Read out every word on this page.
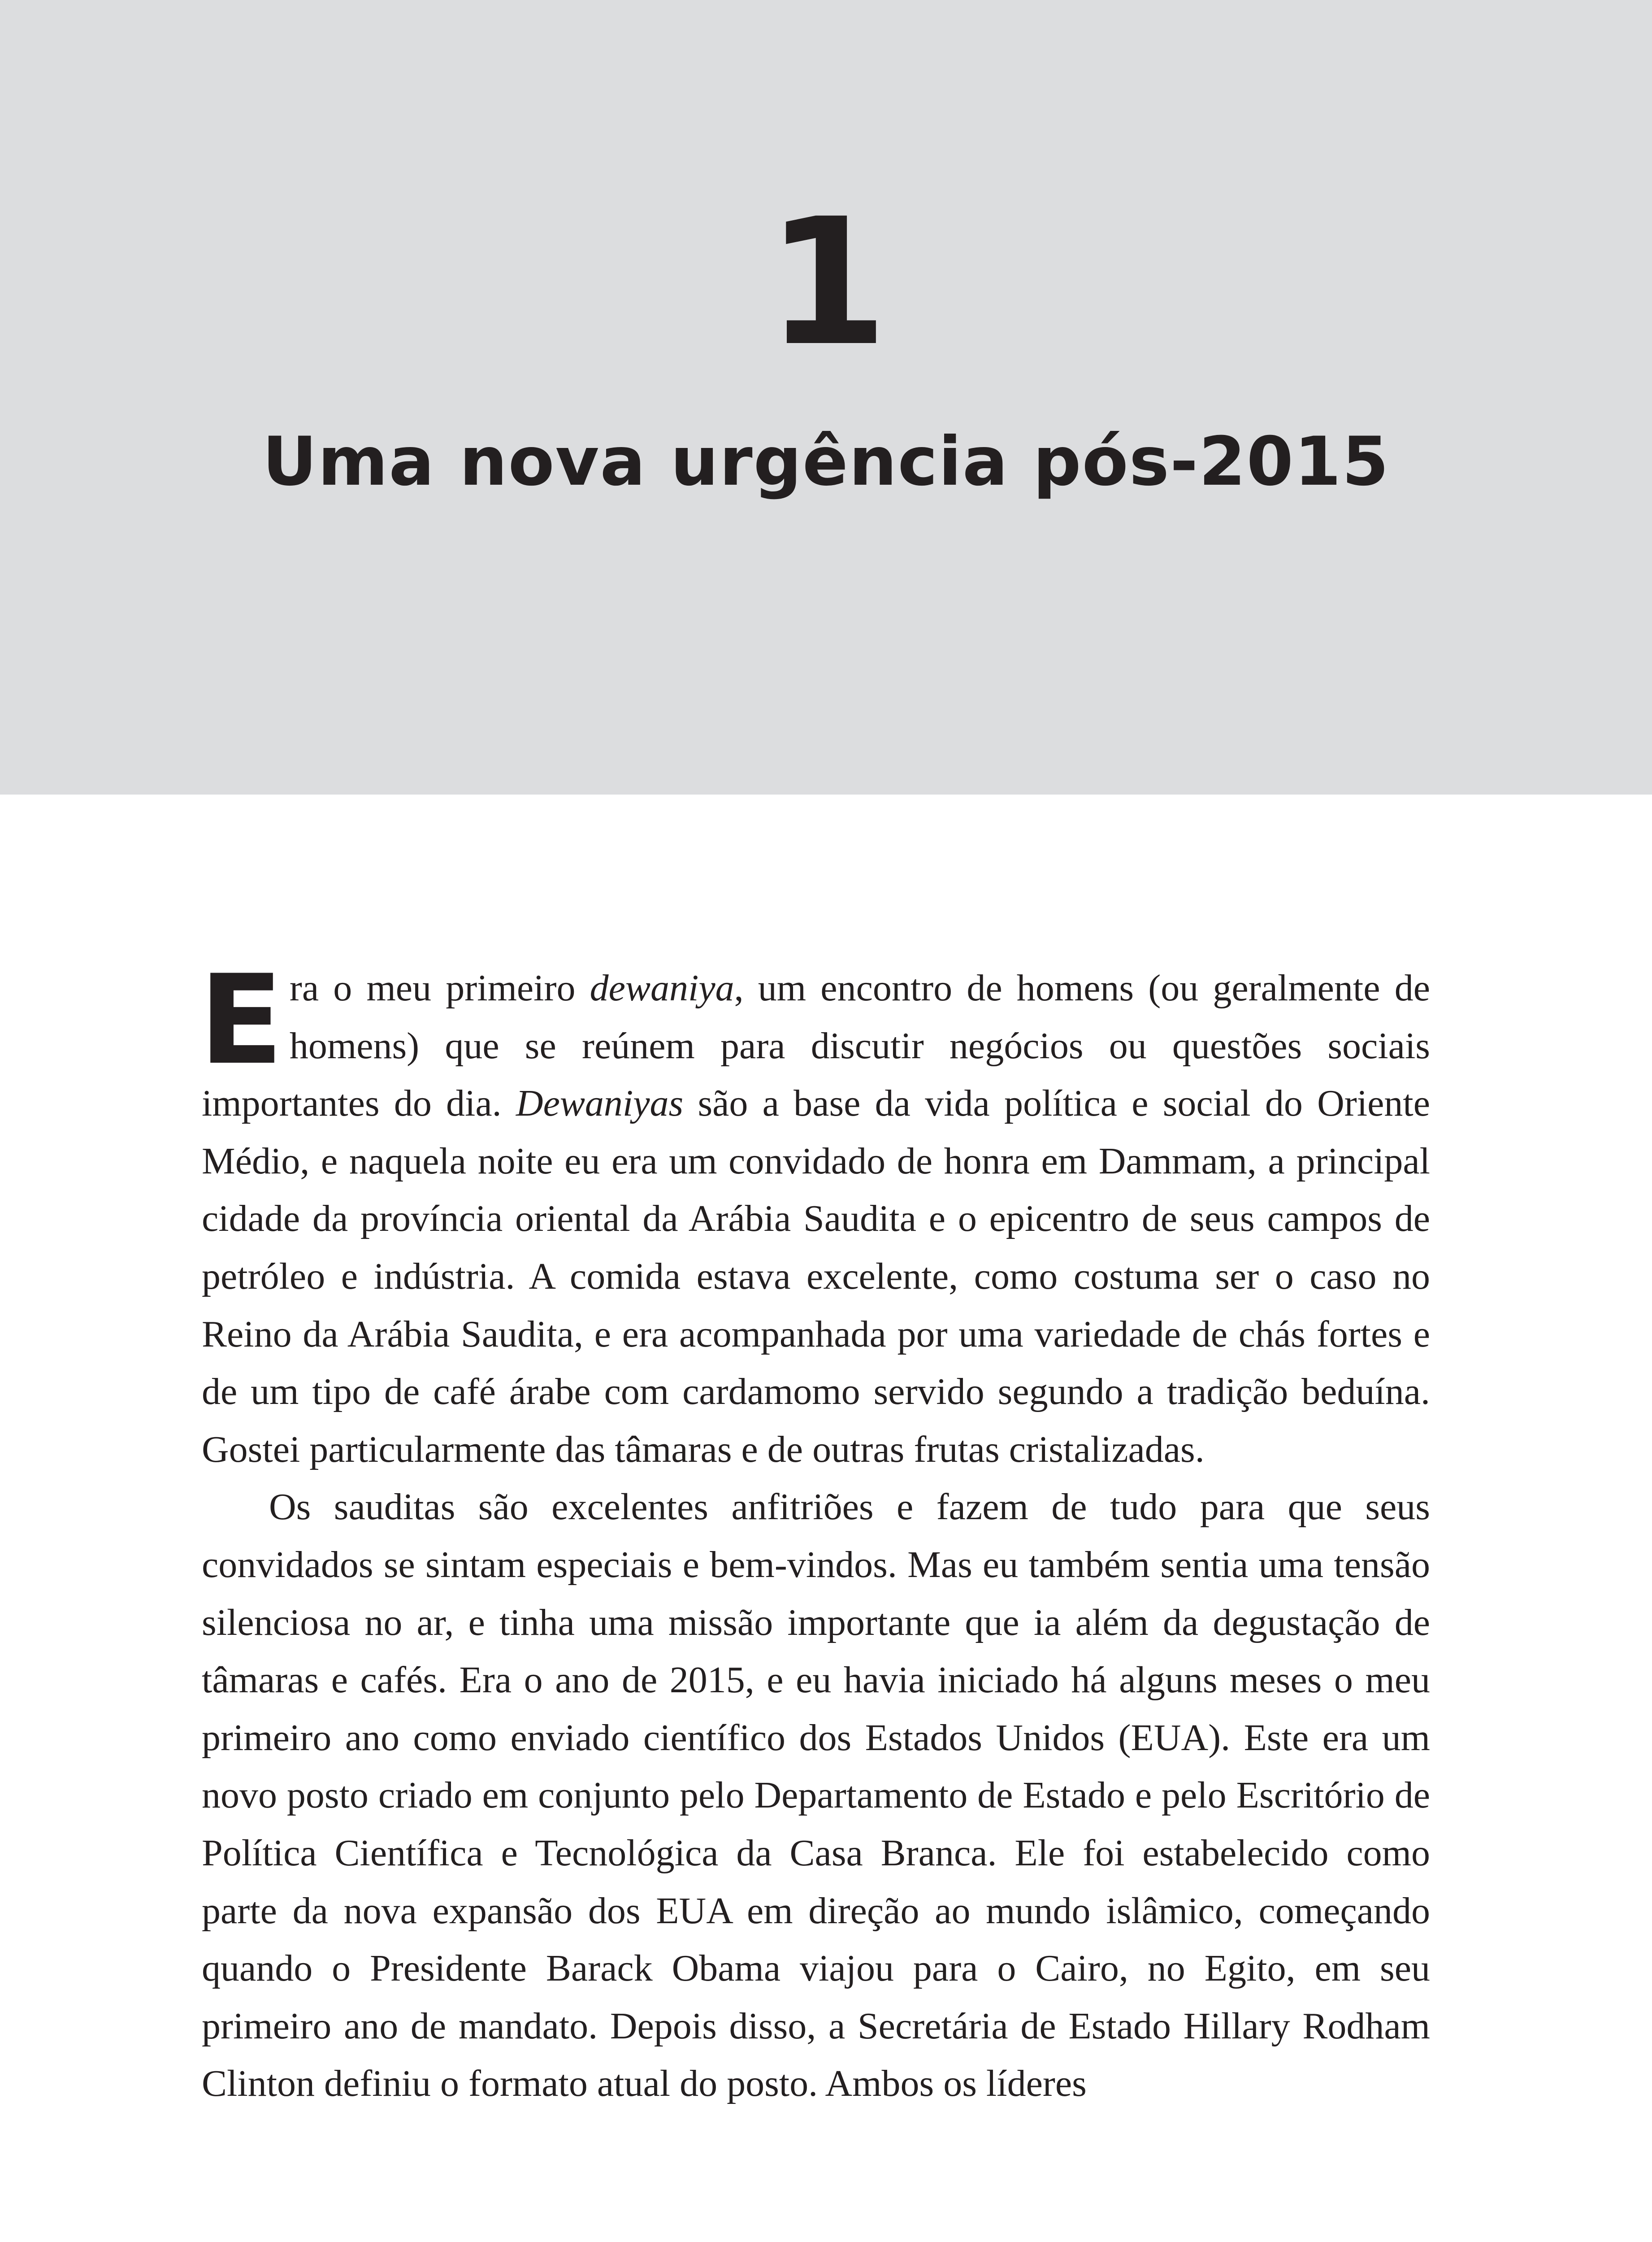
1
Uma nova urgência pós-2015

Era o meu primeiro dewaniya, um encontro de homens (ou geralmente de homens) que se reúnem para discutir negócios ou questões sociais importantes do dia. Dewaniyas são a base da vida política e social do Oriente Médio, e naquela noite eu era um convidado de honra em Dammam, a principal cidade da província oriental da Arábia Saudita e o epicentro de seus campos de petróleo e indústria. A comida estava excelente, como costuma ser o caso no Reino da Arábia Saudita, e era acompanhada por uma variedade de chás fortes e de um tipo de café árabe com cardamomo servido segundo a tradição beduína. Gostei particularmente das tâmaras e de outras frutas cristalizadas.

Os sauditas são excelentes anfitriões e fazem de tudo para que seus convidados se sintam especiais e bem-vindos. Mas eu também sentia uma tensão silenciosa no ar, e tinha uma missão importante que ia além da degustação de tâmaras e cafés. Era o ano de 2015, e eu havia iniciado há alguns meses o meu primeiro ano como enviado científico dos Estados Unidos (EUA). Este era um novo posto criado em conjunto pelo Departamento de Estado e pelo Escritório de Política Científica e Tecnológica da Casa Branca. Ele foi estabelecido como parte da nova expansão dos EUA em direção ao mundo islâmico, começando quando o Presidente Barack Obama viajou para o Cairo, no Egito, em seu primeiro ano de mandato. Depois disso, a Secretária de Estado Hillary Rodham Clinton definiu o formato atual do posto. Ambos os líderes
